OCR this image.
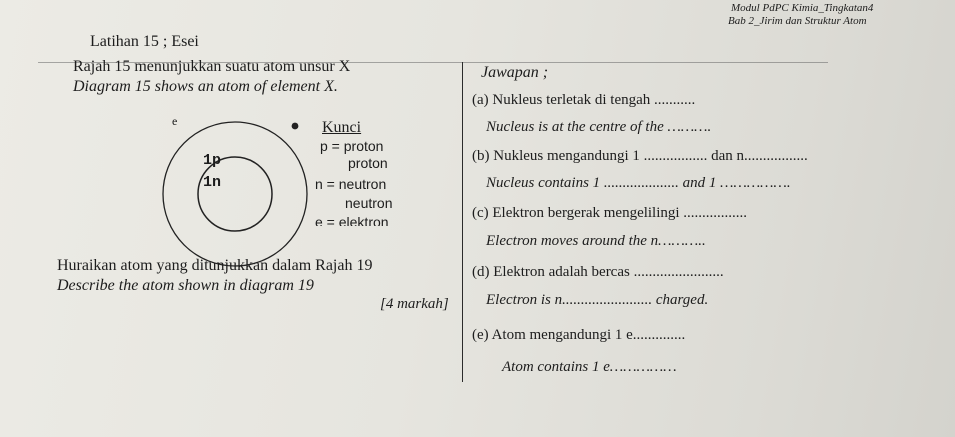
Modul PdPC Kimia_Tingkatan4
Bab 2_Jirim dan Struktur Atom
Latihan 15 ; Esei
Rajah 15 menunjukkan suatu atom unsur X
Diagram 15 shows an atom of element X.
e
1p
1n
Kunci
p = proton
proton
n = neutron
neutron
e = elektron
Huraikan atom yang ditunjukkan dalam Rajah 19
Describe the atom shown in diagram 19
[4 markah]
Jawapan ;
(a) Nukleus terletak di tengah ...........
Nucleus is at the centre of the ……….
(b) Nukleus mengandungi 1 ................. dan n.................
Nucleus contains 1 .................... and 1 …………….
(c) Elektron bergerak mengelilingi .................
Electron moves around the n………..
(d) Elektron adalah bercas ........................
Electron is n........................ charged.
(e) Atom mengandungi 1 e..............
Atom contains 1 e……………
